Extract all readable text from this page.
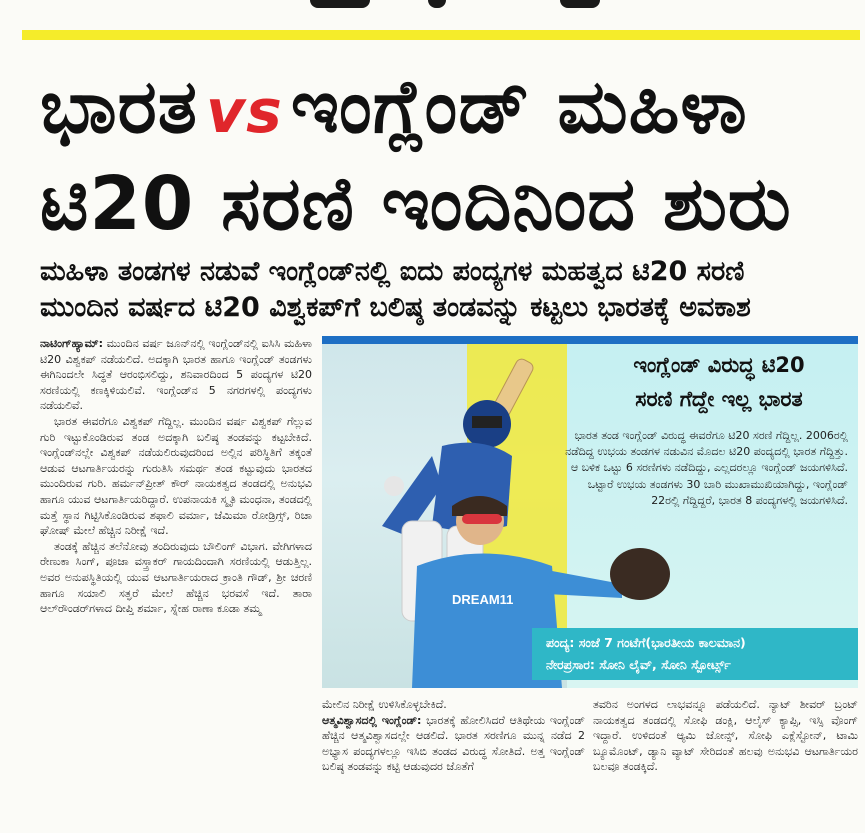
ಭಾರತ vs ಇಂಗ್ಲೆಂಡ್ ಮಹಿಳಾ
ಟಿ20 ಸರಣಿ ಇಂದಿನಿಂದ ಶುರು
ಮಹಿಳಾ ತಂಡಗಳ ನಡುವೆ ಇಂಗ್ಲೆಂಡ್‌ನಲ್ಲಿ ಐದು ಪಂದ್ಯಗಳ ಮಹತ್ವದ ಟಿ20 ಸರಣಿ
ಮುಂದಿನ ವರ್ಷದ ಟಿ20 ವಿಶ್ವಕಪ್‌ಗೆ ಬಲಿಷ್ಠ ತಂಡವನ್ನು ಕಟ್ಟಲು ಭಾರತಕ್ಕೆ ಅವಕಾಶ

ನಾಟಿಂಗ್‌ಹ್ಯಾಮ್: ಮುಂದಿನ ವರ್ಷ ಜೂನ್‌ನಲ್ಲಿ ಇಂಗ್ಲೆಂಡ್‌ನಲ್ಲಿ ಐಸಿಸಿ ಮಹಿಳಾ ಟಿ20 ವಿಶ್ವಕಪ್ ನಡೆಯಲಿದೆ. ಅದಕ್ಕಾಗಿ ಭಾರತ ಹಾಗೂ ಇಂಗ್ಲೆಂಡ್ ತಂಡಗಳು ಈಗಿನಿಂದಲೇ ಸಿದ್ಧತೆ ಆರಂಭಿಸಲಿದ್ದು, ಶನಿವಾರದಿಂದ 5 ಪಂದ್ಯಗಳ ಟಿ20 ಸರಣಿಯಲ್ಲಿ ಕಣಕ್ಕಿಳಿಯಲಿವೆ. ಇಂಗ್ಲೆಂಡ್‌ನ 5 ನಗರಗಳಲ್ಲಿ ಪಂದ್ಯಗಳು ನಡೆಯಲಿವೆ.

ಭಾರತ ಈವರೆಗೂ ವಿಶ್ವಕಪ್ ಗೆದ್ದಿಲ್ಲ. ಮುಂದಿನ ವರ್ಷ ವಿಶ್ವಕಪ್ ಗೆಲ್ಲುವ ಗುರಿ ಇಟ್ಟುಕೊಂಡಿರುವ ತಂಡ ಅದಕ್ಕಾಗಿ ಬಲಿಷ್ಠ ತಂಡವನ್ನು ಕಟ್ಟಬೇಕಿದೆ. ಇಂಗ್ಲೆಂಡ್‌ನಲ್ಲೇ ವಿಶ್ವಕಪ್ ನಡೆಯಲಿರುವುದರಿಂದ ಅಲ್ಲಿನ ಪರಿಸ್ಥಿತಿಗೆ ತಕ್ಕಂತೆ ಆಡುವ ಆಟಗಾರ್ತಿಯರನ್ನು ಗುರುತಿಸಿ ಸಮರ್ಥ ತಂಡ ಕಟ್ಟುವುದು ಭಾರತದ ಮುಂದಿರುವ ಗುರಿ. ಹರ್ಮನ್‌ಪ್ರೀತ್ ಕೌರ್ ನಾಯಕತ್ವದ ತಂಡದಲ್ಲಿ ಅನುಭವಿ ಹಾಗೂ ಯುವ ಆಟಗಾರ್ತಿಯರಿದ್ದಾರೆ. ಉಪನಾಯಕಿ ಸ್ಮೃತಿ ಮಂಧನಾ, ತಂಡದಲ್ಲಿ ಮತ್ತೆ ಸ್ಥಾನ ಗಿಟ್ಟಿಸಿಕೊಂಡಿರುವ ಶಫಾಲಿ ವರ್ಮಾ, ಜೆಮಿಮಾ ರೋಡ್ರಿಗ್ಸ್, ರಿಚಾ ಘೋಷ್ ಮೇಲೆ ಹೆಚ್ಚಿನ ನಿರೀಕ್ಷೆ ಇದೆ.

ತಂಡಕ್ಕೆ ಹೆಚ್ಚಿನ ತಲೆನೋವು ತಂದಿರುವುದು ಬೌಲಿಂಗ್ ವಿಭಾಗ. ವೇಗಿಗಳಾದ ರೇಣುಕಾ ಸಿಂಗ್, ಪೂಜಾ ವಸ್ತ್ರಾಕರ್ ಗಾಯದಿಂದಾಗಿ ಸರಣಿಯಲ್ಲಿ ಆಡುತ್ತಿಲ್ಲ. ಅವರ ಅನುಪಸ್ಥಿತಿಯಲ್ಲಿ ಯುವ ಆಟಗಾರ್ತಿಯರಾದ ಕ್ರಾಂತಿ ಗೌಡ್, ಶ್ರೀ ಚರಣಿ ಹಾಗೂ ಸಯಾಲಿ ಸತ್ಘರೆ ಮೇಲೆ ಹೆಚ್ಚಿನ ಭರವಸೆ ಇದೆ. ತಾರಾ ಆಲ್‌ರೌಂಡರ್‌ಗಳಾದ ದೀಪ್ತಿ ಶರ್ಮಾ, ಸ್ನೇಹ ರಾಣಾ ಕೂಡಾ ತಮ್ಮ

DREAM11
ಇಂಗ್ಲೆಂಡ್ ವಿರುದ್ಧ ಟಿ20
ಸರಣಿ ಗೆದ್ದೇ ಇಲ್ಲ ಭಾರತ
ಭಾರತ ತಂಡ ಇಂಗ್ಲೆಂಡ್ ವಿರುದ್ಧ ಈವರೆಗೂ ಟಿ20 ಸರಣಿ ಗೆದ್ದಿಲ್ಲ. 2006ರಲ್ಲಿ ನಡೆದಿದ್ದ ಉಭಯ ತಂಡಗಳ ನಡುವಿನ ಮೊದಲ ಟಿ20 ಪಂದ್ಯದಲ್ಲಿ ಭಾರತ ಗೆದ್ದಿತ್ತು. ಆ ಬಳಿಕ ಒಟ್ಟು 6 ಸರಣಿಗಳು ನಡೆದಿದ್ದು, ಎಲ್ಲದರಲ್ಲೂ ಇಂಗ್ಲೆಂಡ್ ಜಯಗಳಿಸಿದೆ. ಒಟ್ಟಾರೆ ಉಭಯ ತಂಡಗಳು 30 ಬಾರಿ ಮುಖಾಮುಖಿಯಾಗಿದ್ದು, ಇಂಗ್ಲೆಂಡ್ 22ರಲ್ಲಿ ಗೆದ್ದಿದ್ದರೆ, ಭಾರತ 8 ಪಂದ್ಯಗಳಲ್ಲಿ ಜಯಗಳಿಸಿದೆ.
ಪಂದ್ಯ: ಸಂಜೆ 7 ಗಂಟೆಗೆ(ಭಾರತೀಯ ಕಾಲಮಾನ)
ನೇರಪ್ರಸಾರ: ಸೋನಿ ಲೈವ್, ಸೋನಿ ಸ್ಪೋರ್ಟ್ಸ್

ಮೇಲಿನ ನಿರೀಕ್ಷೆ ಉಳಿಸಿಕೊಳ್ಳಬೇಕಿದೆ.

ಆತ್ಮವಿಶ್ವಾಸದಲ್ಲಿ ಇಂಗ್ಲೆಂಡ್: ಭಾರತಕ್ಕೆ ಹೋಲಿಸಿದರೆ ಆತಿಥೇಯ ಇಂಗ್ಲೆಂಡ್ ಹೆಚ್ಚಿನ ಆತ್ಮವಿಶ್ವಾಸದಲ್ಲೇ ಆಡಲಿದೆ. ಭಾರತ ಸರಣಿಗೂ ಮುನ್ನ ನಡೆದ 2 ಅಭ್ಯಾಸ ಪಂದ್ಯಗಳಲ್ಲೂ ಇಸಿಬಿ ತಂಡದ ವಿರುದ್ಧ ಸೋತಿದೆ. ಅತ್ತ ಇಂಗ್ಲೆಂಡ್ ಬಲಿಷ್ಠ ತಂಡವನ್ನು ಕಟ್ಟಿ ಆಡುವುದರ ಜೊತೆಗೆ

ತವರಿನ ಅಂಗಳದ ಲಾಭವನ್ನೂ ಪಡೆಯಲಿದೆ. ನ್ಯಾಟ್ ಶೀವರ್ ಬ್ರಂಟ್ ನಾಯಕತ್ವದ ತಂಡದಲ್ಲಿ ಸೋಫಿ ಡಂಕ್ಲಿ, ಆಲೈಸ್ ಕ್ಯಾಪ್ಸಿ, ಇಸ್ಸಿ ವೊಂಗ್ ಇದ್ದಾರೆ. ಉಳಿದಂತೆ ಆ್ಯಮಿ ಜೋನ್ಸ್, ಸೋಫಿ ಎಕ್ಲೆಸ್ಟೋನ್, ಟಾಮಿ ಬ್ಯೂಮೊಂಟ್, ಡ್ಯಾನಿ ವ್ಯಾಟ್ ಸೇರಿದಂತೆ ಹಲವು ಅನುಭವಿ ಆಟಗಾರ್ತಿಯರ ಬಲವೂ ತಂಡಕ್ಕಿದೆ.
